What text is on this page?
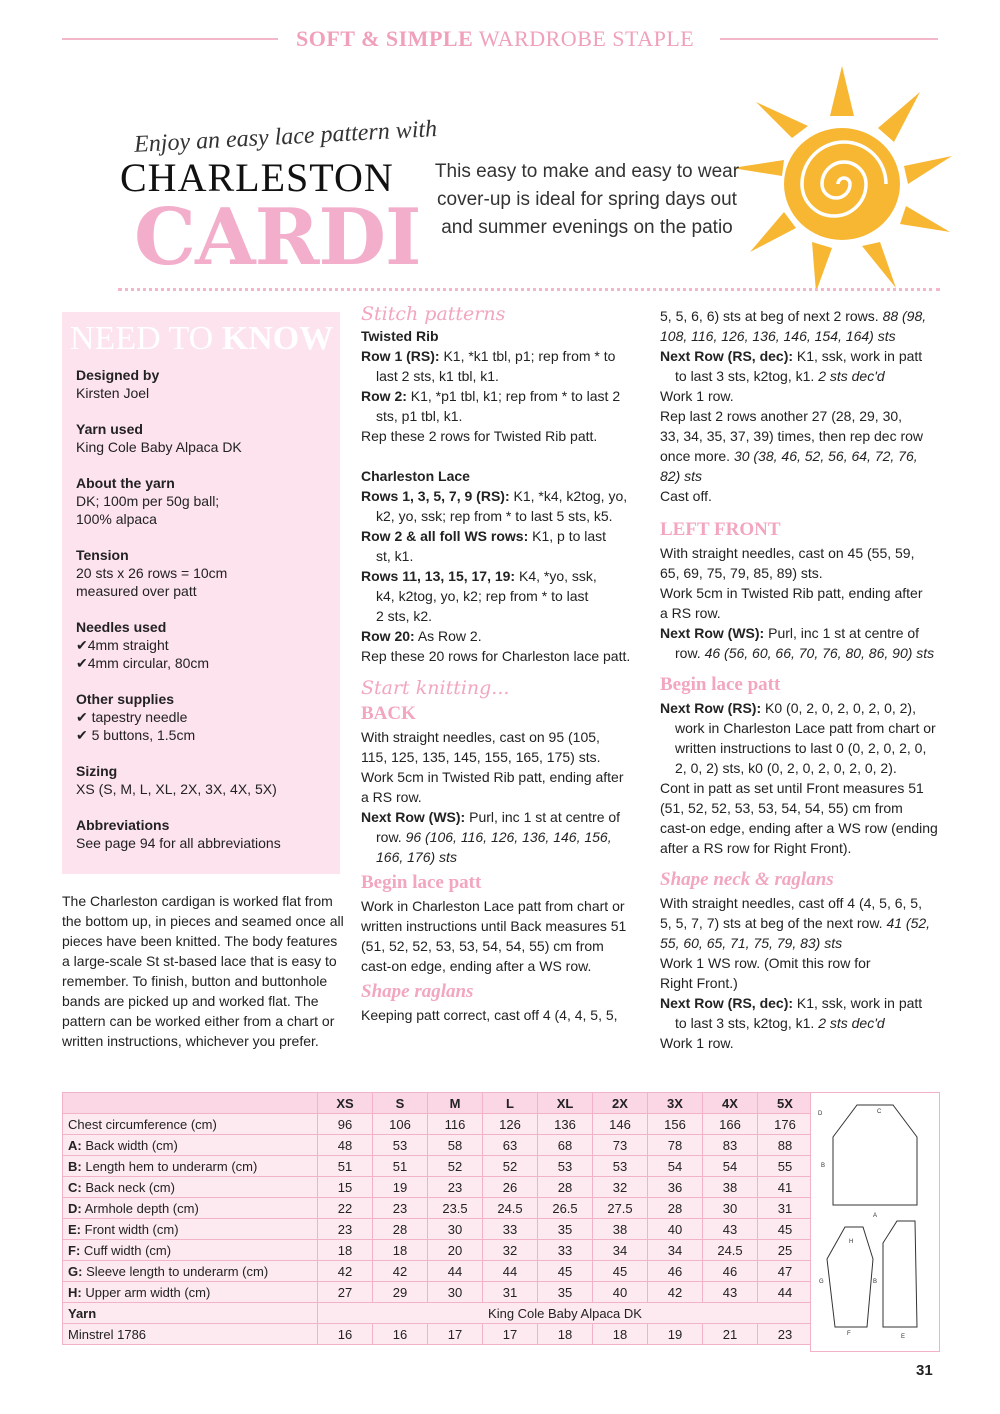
SOFT & SIMPLE WARDROBE STAPLE
Enjoy an easy lace pattern with
CHARLESTON
CARDI
This easy to make and easy to wear cover-up is ideal for spring days out and summer evenings on the patio
NEED TO KNOW
Designed by
Kirsten Joel
Yarn used
King Cole Baby Alpaca DK
About the yarn
DK; 100m per 50g ball;
100% alpaca
Tension
20 sts x 26 rows = 10cm
measured over patt
Needles used
✔4mm straight
✔4mm circular, 80cm
Other supplies
✔ tapestry needle
✔ 5 buttons, 1.5cm
Sizing
XS (S, M, L, XL, 2X, 3X, 4X, 5X)
Abbreviations
See page 94 for all abbreviations
The Charleston cardigan is worked flat from the bottom up, in pieces and seamed once all pieces have been knitted. The body features a large-scale St st-based lace that is easy to remember. To finish, button and buttonhole bands are picked up and worked flat. The pattern can be worked either from a chart or written instructions, whichever you prefer.
Stitch patterns

Twisted Rib

Row 1 (RS): K1, *k1 tbl, p1; rep from * to

last 2 sts, k1 tbl, k1.

Row 2: K1, *p1 tbl, k1; rep from * to last 2

sts, p1 tbl, k1.

Rep these 2 rows for Twisted Rib patt.

Charleston Lace

Rows 1, 3, 5, 7, 9 (RS): K1, *k4, k2tog, yo,

k2, yo, ssk; rep from * to last 5 sts, k5.

Row 2 & all foll WS rows: K1, p to last

st, k1.

Rows 11, 13, 15, 17, 19: K4, *yo, ssk,

k4, k2tog, yo, k2; rep from * to last

2 sts, k2.

Row 20: As Row 2.

Rep these 20 rows for Charleston lace patt.

Start knitting...
BACK

With straight needles, cast on 95 (105,

115, 125, 135, 145, 155, 165, 175) sts.

Work 5cm in Twisted Rib patt, ending after

a RS row.

Next Row (WS): Purl, inc 1 st at centre of

row. 96 (106, 116, 126, 136, 146, 156,

166, 176) sts

Begin lace patt

Work in Charleston Lace patt from chart or

written instructions until Back measures 51

(51, 52, 52, 53, 53, 54, 54, 55) cm from

cast-on edge, ending after a WS row.

Shape raglans

Keeping patt correct, cast off 4 (4, 4, 5, 5,

5, 5, 6, 6) sts at beg of next 2 rows. 88 (98,

108, 116, 126, 136, 146, 154, 164) sts

Next Row (RS, dec): K1, ssk, work in patt

to last 3 sts, k2tog, k1. 2 sts dec'd

Work 1 row.

Rep last 2 rows another 27 (28, 29, 30,

33, 34, 35, 37, 39) times, then rep dec row

once more. 30 (38, 46, 52, 56, 64, 72, 76,

82) sts

Cast off.

LEFT FRONT

With straight needles, cast on 45 (55, 59,

65, 69, 75, 79, 85, 89) sts.

Work 5cm in Twisted Rib patt, ending after

a RS row.

Next Row (WS): Purl, inc 1 st at centre of

row. 46 (56, 60, 66, 70, 76, 80, 86, 90) sts

Begin lace patt

Next Row (RS): K0 (0, 2, 0, 2, 0, 2, 0, 2),

work in Charleston Lace patt from chart or

written instructions to last 0 (0, 2, 0, 2, 0,

2, 0, 2) sts, k0 (0, 2, 0, 2, 0, 2, 0, 2).

Cont in patt as set until Front measures 51

(51, 52, 52, 53, 53, 54, 54, 55) cm from

cast-on edge, ending after a WS row (ending

after a RS row for Right Front).

Shape neck & raglans

With straight needles, cast off 4 (4, 5, 6, 5,

5, 5, 7, 7) sts at beg of the next row. 41 (52,

55, 60, 65, 71, 75, 79, 83) sts

Work 1 WS row. (Omit this row for

Right Front.)

Next Row (RS, dec): K1, ssk, work in patt

to last 3 sts, k2tog, k1. 2 sts dec'd

Work 1 row.

	XS	S	M	L	XL	2X	3X	4X	5X
Chest circumference (cm)	96	106	116	126	136	146	156	166	176
A: Back width (cm)	48	53	58	63	68	73	78	83	88
B: Length hem to underarm (cm)	51	51	52	52	53	53	54	54	55
C: Back neck (cm)	15	19	23	26	28	32	36	38	41
D: Armhole depth (cm)	22	23	23.5	24.5	26.5	27.5	28	30	31
E: Front width (cm)	23	28	30	33	35	38	40	43	45
F: Cuff width (cm)	18	18	20	32	33	34	34	24.5	25
G: Sleeve length to underarm (cm)	42	42	44	44	45	45	46	46	47
H: Upper arm width (cm)	27	29	30	31	35	40	42	43	44
Yarn	King Cole Baby Alpaca DK								
Minstrel 1786	16	16	17	17	18	18	19	21	23
D	C
B
A
H
G	B
F	E
31
